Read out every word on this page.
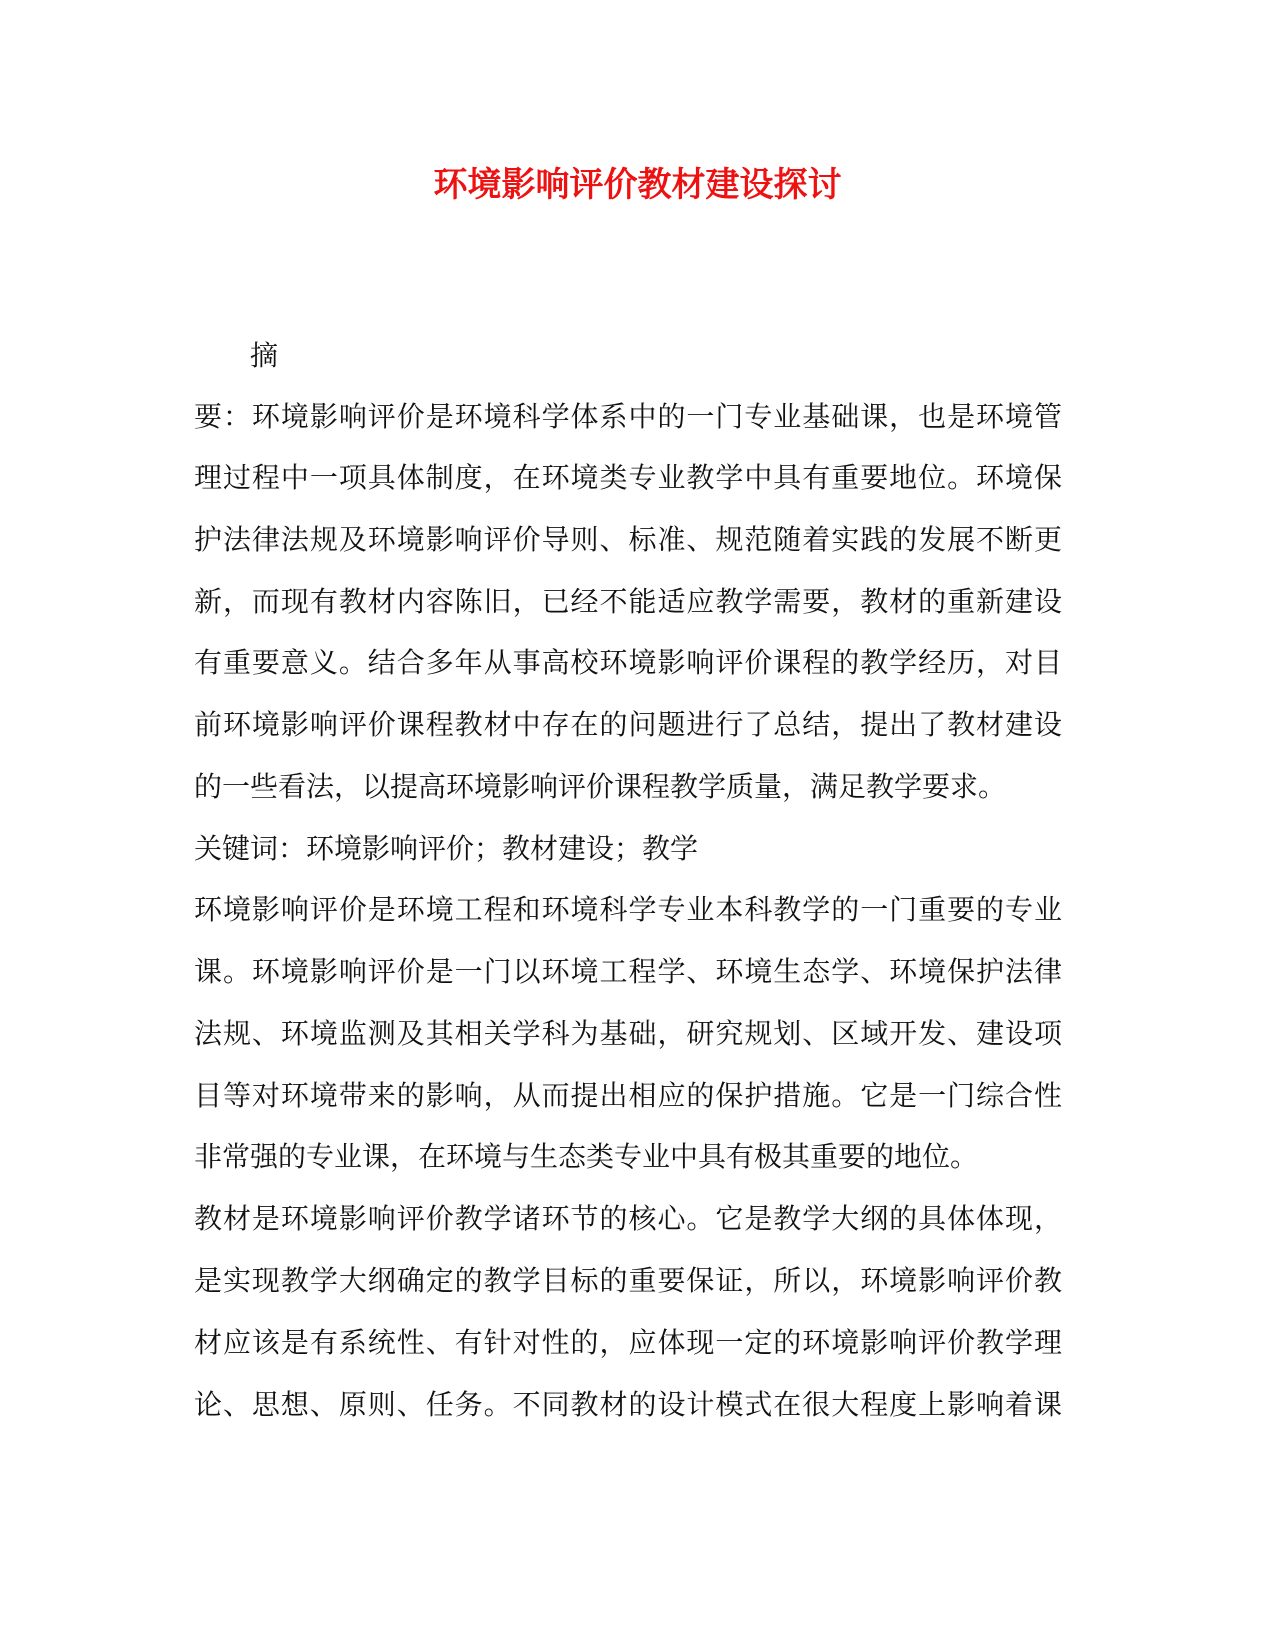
环境影响评价教材建设探讨
摘
要：环境影响评价是环境科学体系中的一门专业基础课，也是环境管
理过程中一项具体制度，在环境类专业教学中具有重要地位。环境保
护法律法规及环境影响评价导则、标准、规范随着实践的发展不断更
新，而现有教材内容陈旧，已经不能适应教学需要，教材的重新建设
有重要意义。结合多年从事高校环境影响评价课程的教学经历，对目
前环境影响评价课程教材中存在的问题进行了总结，提出了教材建设
的一些看法，以提高环境影响评价课程教学质量，满足教学要求。
关键词：环境影响评价；教材建设；教学
环境影响评价是环境工程和环境科学专业本科教学的一门重要的专业
课。环境影响评价是一门以环境工程学、环境生态学、环境保护法律
法规、环境监测及其相关学科为基础，研究规划、区域开发、建设项
目等对环境带来的影响，从而提出相应的保护措施。它是一门综合性
非常强的专业课，在环境与生态类专业中具有极其重要的地位。
教材是环境影响评价教学诸环节的核心。它是教学大纲的具体体现，
是实现教学大纲确定的教学目标的重要保证，所以，环境影响评价教
材应该是有系统性、有针对性的，应体现一定的环境影响评价教学理
论、思想、原则、任务。不同教材的设计模式在很大程度上影响着课
